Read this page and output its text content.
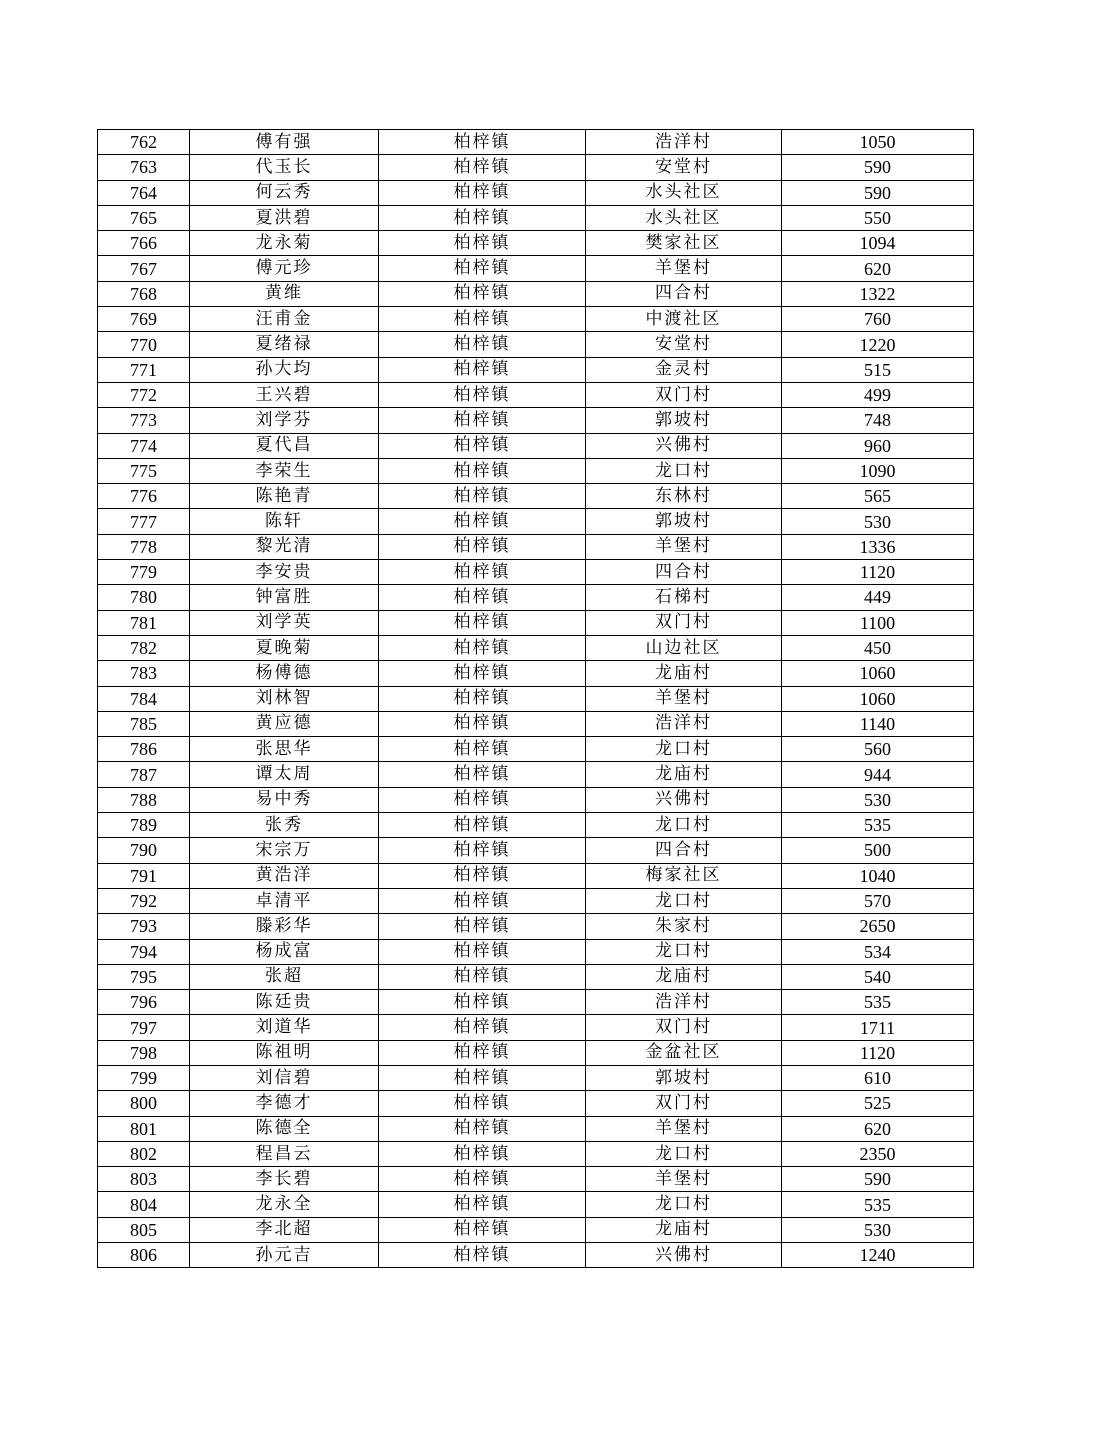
762	傅有强	柏梓镇	浩洋村	1050
763	代玉长	柏梓镇	安堂村	590
764	何云秀	柏梓镇	水头社区	590
765	夏洪碧	柏梓镇	水头社区	550
766	龙永菊	柏梓镇	樊家社区	1094
767	傅元珍	柏梓镇	羊堡村	620
768	黄维	柏梓镇	四合村	1322
769	汪甫金	柏梓镇	中渡社区	760
770	夏绪禄	柏梓镇	安堂村	1220
771	孙大均	柏梓镇	金灵村	515
772	王兴碧	柏梓镇	双门村	499
773	刘学芬	柏梓镇	郭坡村	748
774	夏代昌	柏梓镇	兴佛村	960
775	李荣生	柏梓镇	龙口村	1090
776	陈艳青	柏梓镇	东林村	565
777	陈轩	柏梓镇	郭坡村	530
778	黎光清	柏梓镇	羊堡村	1336
779	李安贵	柏梓镇	四合村	1120
780	钟富胜	柏梓镇	石梯村	449
781	刘学英	柏梓镇	双门村	1100
782	夏晚菊	柏梓镇	山边社区	450
783	杨傅德	柏梓镇	龙庙村	1060
784	刘林智	柏梓镇	羊堡村	1060
785	黄应德	柏梓镇	浩洋村	1140
786	张思华	柏梓镇	龙口村	560
787	谭太周	柏梓镇	龙庙村	944
788	易中秀	柏梓镇	兴佛村	530
789	张秀	柏梓镇	龙口村	535
790	宋宗万	柏梓镇	四合村	500
791	黄浩洋	柏梓镇	梅家社区	1040
792	卓清平	柏梓镇	龙口村	570
793	滕彩华	柏梓镇	朱家村	2650
794	杨成富	柏梓镇	龙口村	534
795	张超	柏梓镇	龙庙村	540
796	陈廷贵	柏梓镇	浩洋村	535
797	刘道华	柏梓镇	双门村	1711
798	陈祖明	柏梓镇	金盆社区	1120
799	刘信碧	柏梓镇	郭坡村	610
800	李德才	柏梓镇	双门村	525
801	陈德全	柏梓镇	羊堡村	620
802	程昌云	柏梓镇	龙口村	2350
803	李长碧	柏梓镇	羊堡村	590
804	龙永全	柏梓镇	龙口村	535
805	李北超	柏梓镇	龙庙村	530
806	孙元吉	柏梓镇	兴佛村	1240
